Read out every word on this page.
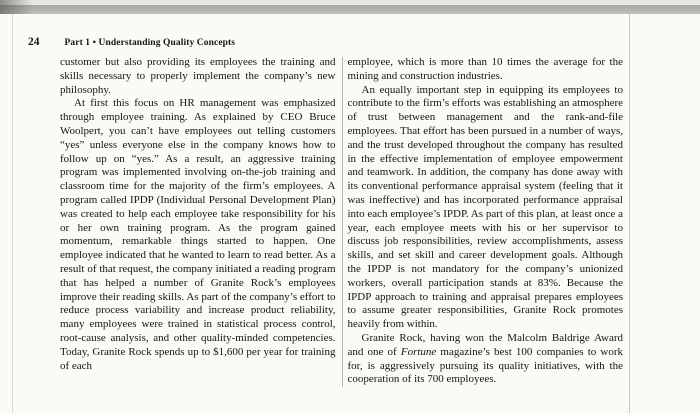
24	Part 1 • Understanding Quality Concepts

customer but also providing its employees the training and skills necessary to properly implement the company’s new philosophy.

At first this focus on HR management was emphasized through employee training. As explained by CEO Bruce Woolpert, you can’t have employees out telling customers “yes” unless everyone else in the company knows how to follow up on “yes.” As a result, an aggressive training program was implemented involving on-the-job training and classroom time for the majority of the firm’s employees. A program called IPDP (Individual Personal Development Plan) was created to help each employee take responsibility for his or her own training program. As the program gained momentum, remarkable things started to happen. One employee indicated that he wanted to learn to read better. As a result of that request, the company initiated a reading program that has helped a number of Granite Rock’s employees improve their reading skills. As part of the company’s effort to reduce process variability and increase product reliability, many employees were trained in statistical process control, root-cause analysis, and other quality-minded competencies. Today, Granite Rock spends up to $1,600 per year for training of each

employee, which is more than 10 times the average for the mining and construction industries.

An equally important step in equipping its employees to contribute to the firm’s efforts was establishing an atmosphere of trust between management and the rank-and-file employees. That effort has been pursued in a number of ways, and the trust developed throughout the company has resulted in the effective implementation of employee empowerment and teamwork. In addition, the company has done away with its conventional performance appraisal system (feeling that it was ineffective) and has incorporated performance appraisal into each employee’s IPDP. As part of this plan, at least once a year, each employee meets with his or her supervisor to discuss job responsibilities, review accomplishments, assess skills, and set skill and career development goals. Although the IPDP is not mandatory for the company’s unionized workers, overall participation stands at 83%. Because the IPDP approach to training and appraisal prepares employees to assume greater responsibilities, Granite Rock promotes heavily from within.

Granite Rock, having won the Malcolm Baldrige Award and one of Fortune magazine’s best 100 companies to work for, is aggressively pursuing its quality initiatives, with the cooperation of its 700 employees.
